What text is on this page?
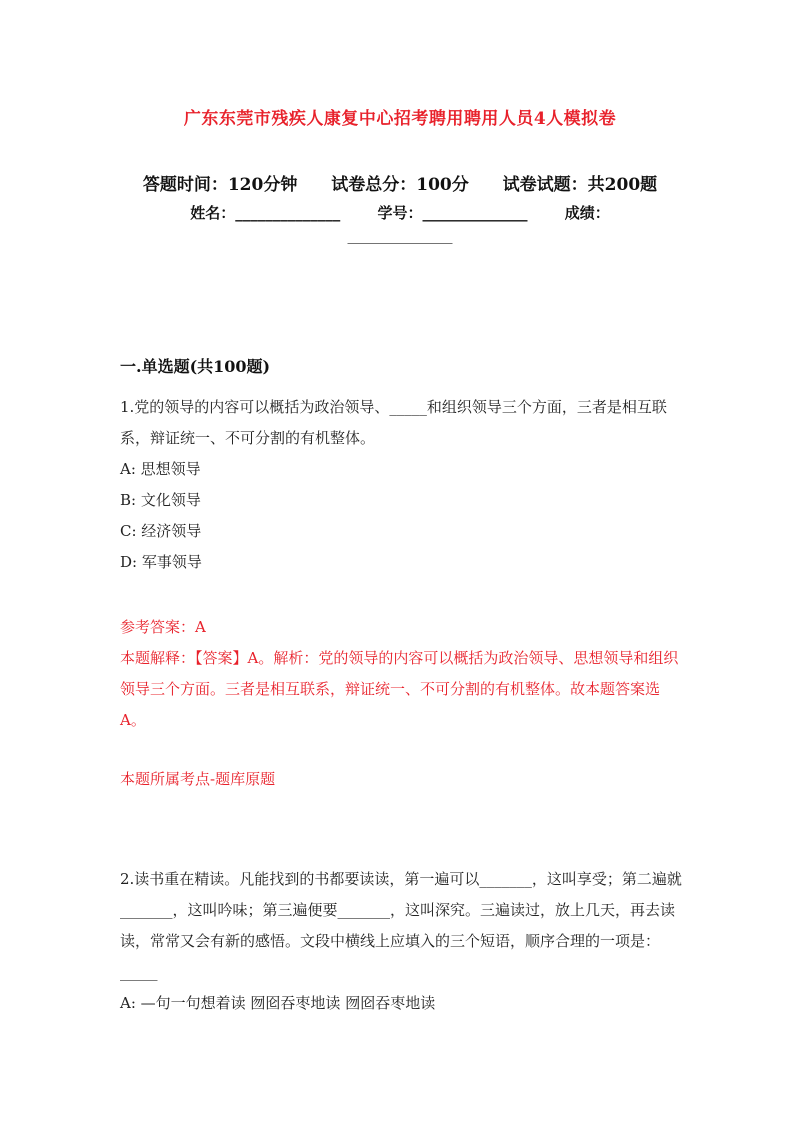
广东东莞市残疾人康复中心招考聘用聘用人员4人模拟卷
答题时间：120分钟 试卷总分：100分 试卷试题：共200题
姓名：______________ 学号：______________ 成绩：
______________
一.单选题(共100题)

1.党的领导的内容可以概括为政治领导、_____和组织领导三个方面，三者是相互联系，辩证统一、不可分割的有机整体。

A: 思想领导

B: 文化领导

C: 经济领导

D: 军事领导

参考答案：A

本题解释：【答案】A。解析：党的领导的内容可以概括为政治领导、思想领导和组织领导三个方面。三者是相互联系，辩证统一、不可分割的有机整体。故本题答案选A。

本题所属考点-题库原题

2.读书重在精读。凡能找到的书都要读读，第一遍可以_______，这叫享受；第二遍就_______，这叫吟味；第三遍便要_______，这叫深究。三遍读过，放上几天，再去读读，常常又会有新的感悟。文段中横线上应填入的三个短语，顺序合理的一项是：_____

A: —句一句想着读 囫囵吞枣地读 囫囵吞枣地读
